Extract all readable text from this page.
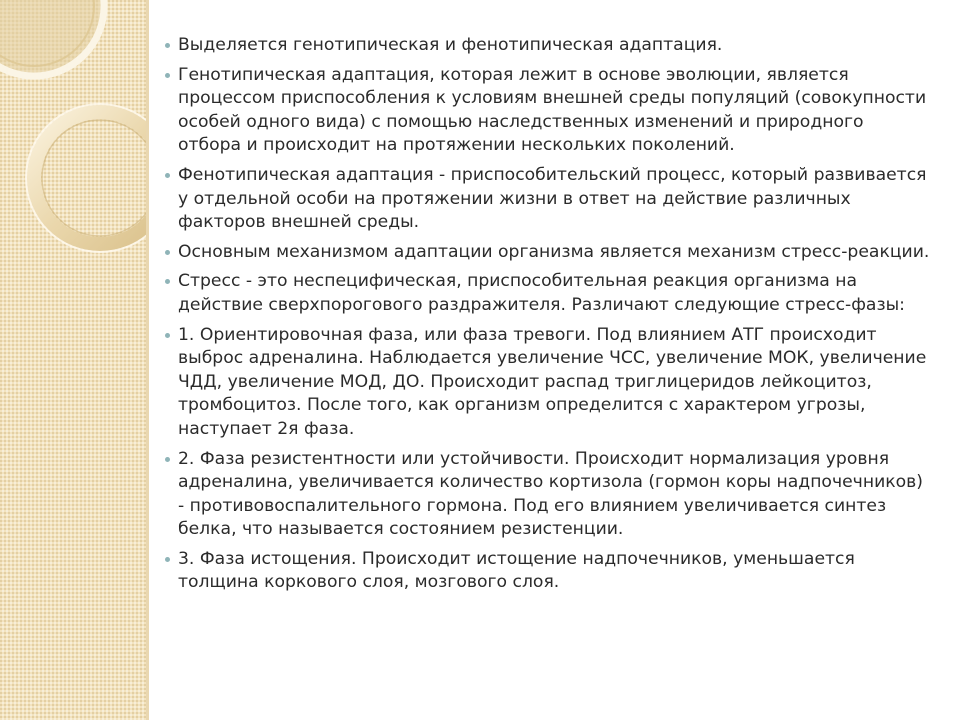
Выделяется генотипическая и фенотипическая адаптация.
Генотипическая адаптация, которая лежит в основе эволюции, является процессом приспособления к условиям внешней среды популяций (совокупности особей одного вида) с помощью наследственных изменений и природного отбора и происходит на протяжении нескольких поколений.
Фенотипическая адаптация - приспособительский процесс, который развивается у отдельной особи на протяжении жизни в ответ на действие различных факторов внешней среды.
Основным механизмом адаптации организма является механизм стресс-реакции.
Стресс - это неспецифическая, приспособительная реакция организма на действие сверхпорогового раздражителя. Различают следующие стресс-фазы:
1. Ориентировочная фаза, или фаза тревоги. Под влиянием АТГ происходит выброс адреналина. Наблюдается увеличение ЧСС, увеличение МОК, увеличение ЧДД, увеличение МОД, ДО. Происходит распад триглицеридов лейкоцитоз, тромбоцитоз. После того, как организм определится с характером угрозы, наступает 2я фаза.
2. Фаза резистентности или устойчивости. Происходит нормализация уровня адреналина, увеличивается количество кортизола (гормон коры надпочечников) - противовоспалительного гормона. Под его влиянием увеличивается синтез белка, что называется состоянием резистенции.
3. Фаза истощения. Происходит истощение надпочечников, уменьшается толщина коркового слоя, мозгового слоя.
